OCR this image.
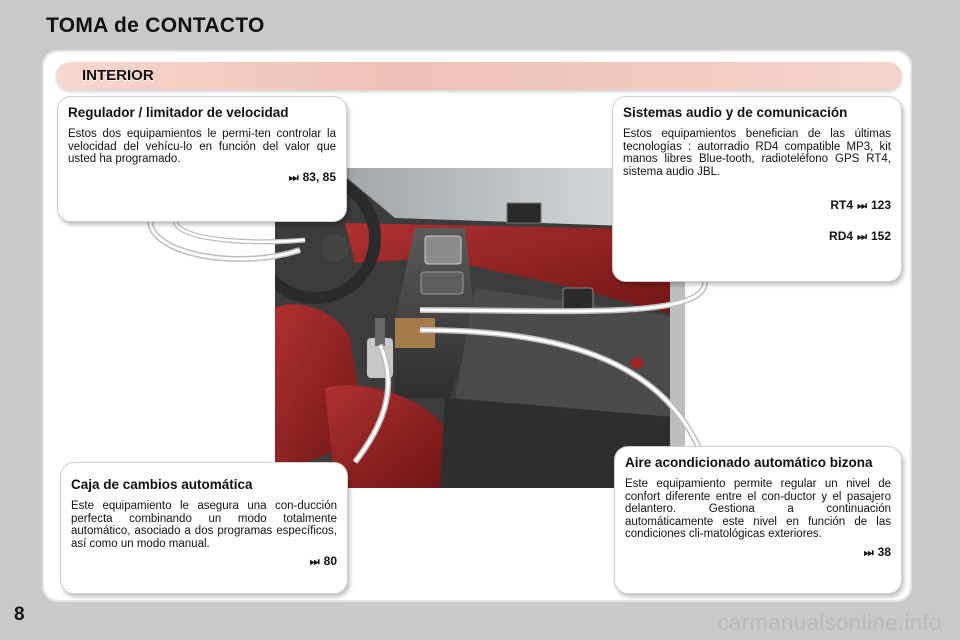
TOMA de CONTACTO
INTERIOR
Regulador / limitador de velocidad

Estos dos equipamientos le permi-ten controlar la velocidad del vehícu-lo en función del valor que usted ha programado.

⏭ 83, 85
Sistemas audio y de comunicación

Estos equipamientos benefician de las últimas tecnologías : autorradio RD4 compatible MP3, kit manos libres Blue-tooth, radioteléfono GPS RT4, sistema audio JBL.

RT4 ⏭ 123
RD4 ⏭ 152
Caja de cambios automática

Este equipamiento le asegura una con-ducción perfecta combinando un modo totalmente automático, asociado a dos programas específicos, así como un modo manual.

⏭ 80
Aire acondicionado automático bizona

Este equipamiento permite regular un nivel de confort diferente entre el con-ductor y el pasajero delantero. Gestiona a continuación automáticamente este nivel en función de las condiciones cli-matológicas exteriores.

⏭ 38
8	carmanualsonline.info
